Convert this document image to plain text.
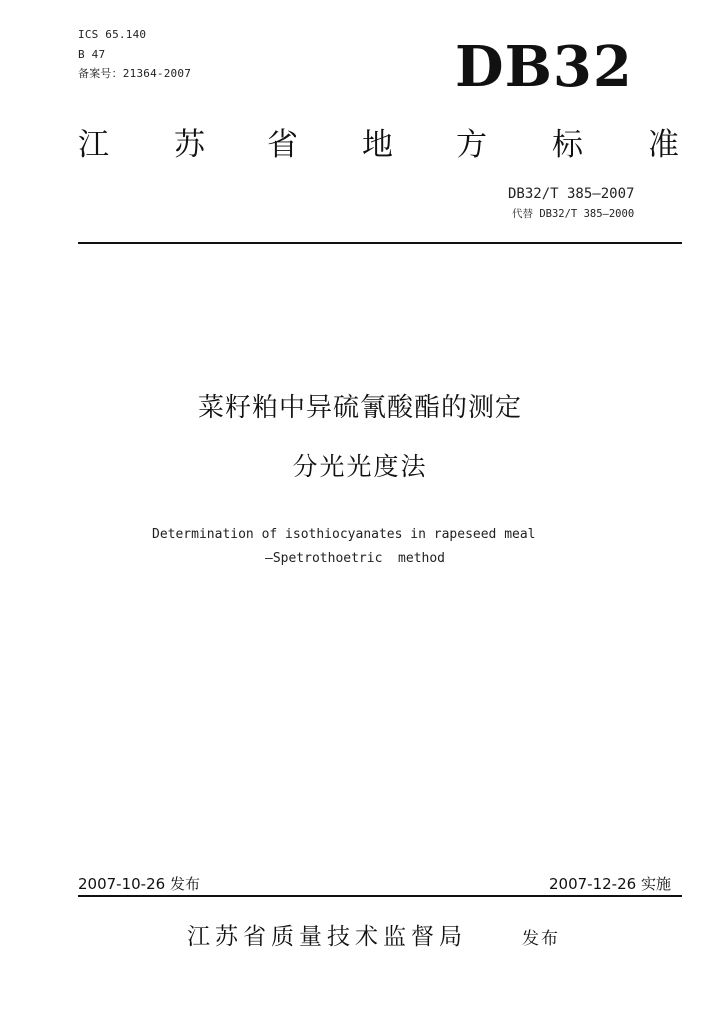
ICS 65.140
B 47
备案号：21364-2007	DB32
江 苏 省 地 方 标 准
DB32/T 385—2007
代替 DB32/T 385—2000
菜籽粕中异硫氰酸酯的测定
分光光度法
Determination of isothiocyanates in rapeseed meal
—Spetrothoetric  method
2007-10-26 发布	2007-12-26 实施
江苏省质量技术监督局	发布
